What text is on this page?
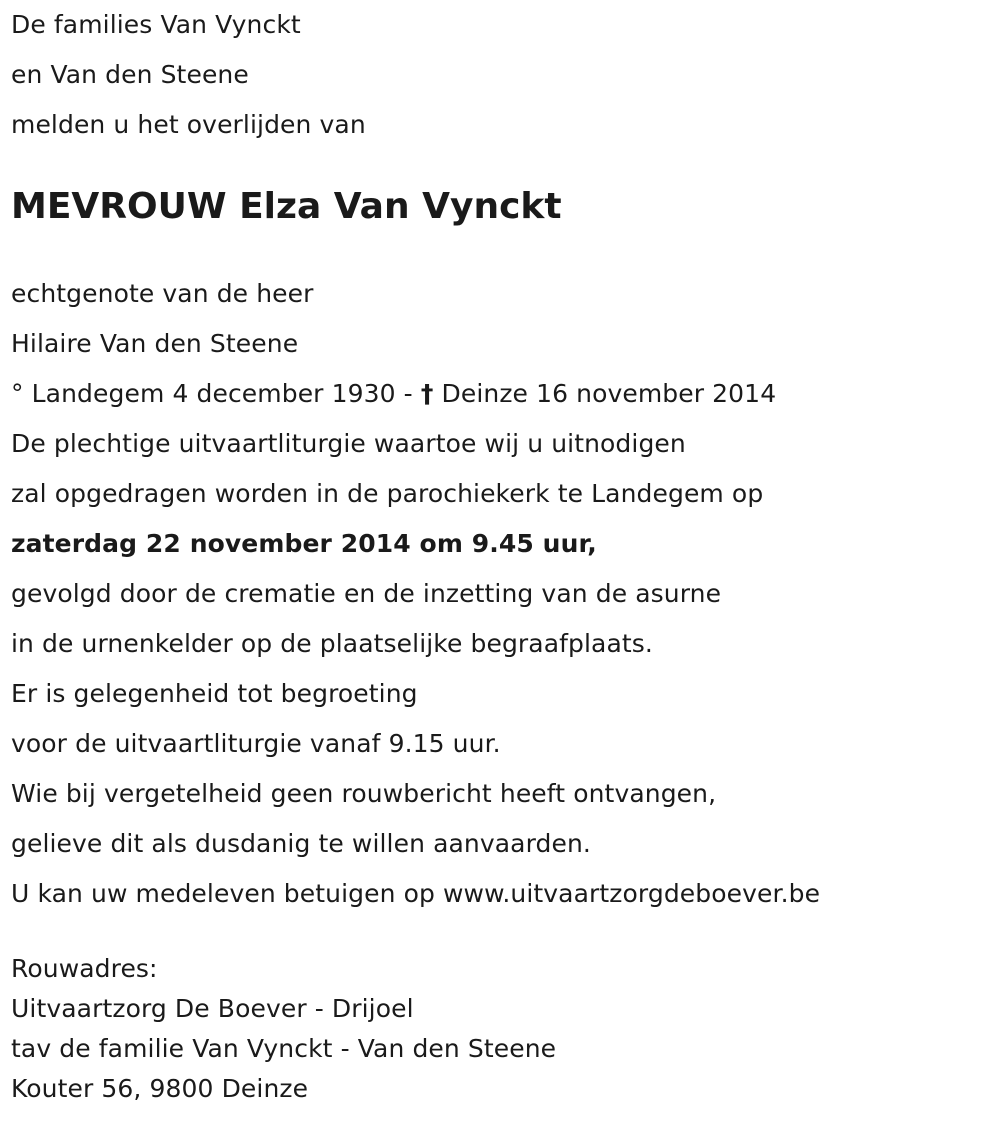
De families Van Vynckt
en Van den Steene
melden u het overlijden van
MEVROUW Elza Van Vynckt
echtgenote van de heer
Hilaire Van den Steene
° Landegem 4 december 1930 - † Deinze 16 november 2014
De plechtige uitvaartliturgie waartoe wij u uitnodigen
zal opgedragen worden in de parochiekerk te Landegem op
zaterdag 22 november 2014 om 9.45 uur,
gevolgd door de crematie en de inzetting van de asurne
in de urnenkelder op de plaatselijke begraafplaats.
Er is gelegenheid tot begroeting
voor de uitvaartliturgie vanaf 9.15 uur.
Wie bij vergetelheid geen rouwbericht heeft ontvangen,
gelieve dit als dusdanig te willen aanvaarden.
U kan uw medeleven betuigen op www.uitvaartzorgdeboever.be
Rouwadres:
Uitvaartzorg De Boever - Drijoel
tav de familie Van Vynckt - Van den Steene
Kouter 56, 9800 Deinze
